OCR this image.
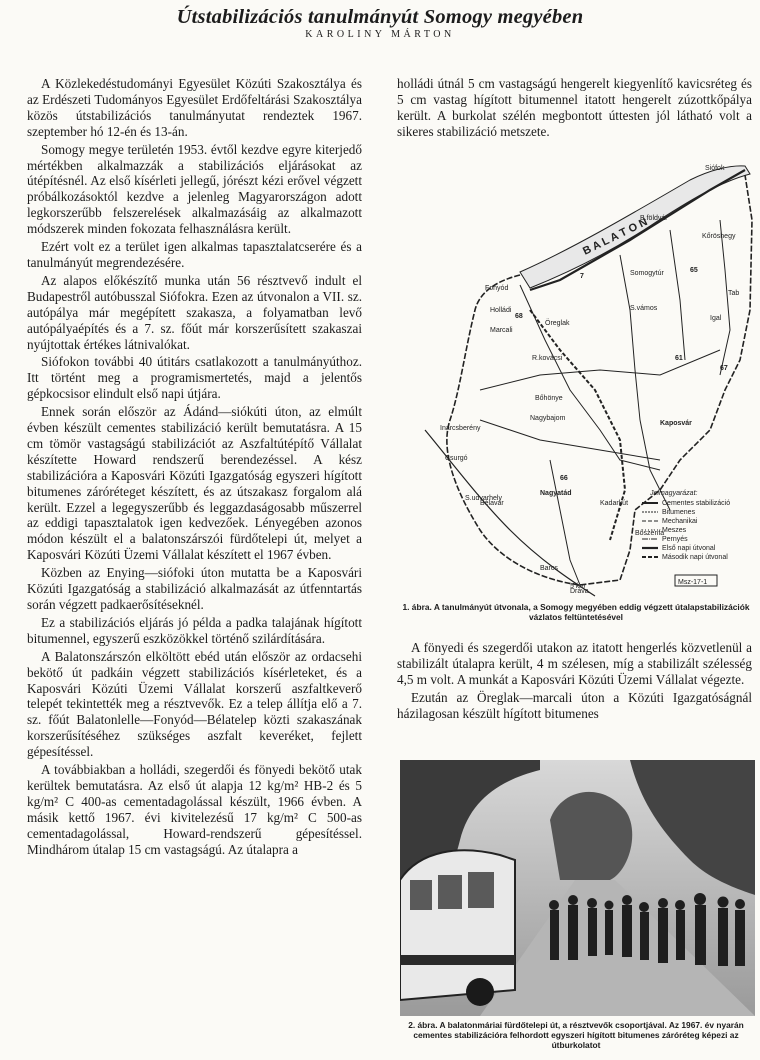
Útstabilizációs tanulmányút Somogy megyében
KAROLINY MÁRTON

A Közlekedéstudományi Egyesület Közúti Szakosztálya és az Erdészeti Tudományos Egyesület Erdőfeltárási Szakosztálya közös útstabilizációs tanulmányutat rendeztek 1967. szeptember hó 12-én és 13-án.

Somogy megye területén 1953. évtől kezdve egyre kiterjedő mértékben alkalmazzák a stabilizációs eljárásokat az útépítésnél. Az első kísérleti jellegű, jórészt kézi erővel végzett próbálkozásoktól kezdve a jelenleg Magyarországon adott legkorszerűbb felszerelések alkalmazásáig az alkalmazott módszerek minden fokozata felhasználásra került.

Ezért volt ez a terület igen alkalmas tapasztalatcserére és a tanulmányút megrendezésére.

Az alapos előkészítő munka után 56 résztvevő indult el Budapestről autóbusszal Siófokra. Ezen az útvonalon a VII. sz. autópálya már megépített szakasza, a folyamatban levő autópályaépítés és a 7. sz. főút már korszerűsített szakaszai nyújtottak értékes látnivalókat.

Siófokon további 40 útitárs csatlakozott a tanulmányúthoz. Itt történt meg a programismertetés, majd a jelentős gépkocsisor elindult első napi útjára.

Ennek során először az Ádánd—siókúti úton, az elmúlt évben készült cementes stabilizáció került bemutatásra. A 15 cm tömör vastagságú stabilizációt az Aszfaltútépítő Vállalat készítette Howard rendszerű berendezéssel. A kész stabilizációra a Kaposvári Közúti Igazgatóság egyszeri hígított bitumenes záróréteget készített, és az útszakasz forgalom alá került. Ezzel a legegyszerűbb és leggazdaságosabb műszerrel az eddigi tapasztalatok igen kedvezőek. Lényegében azonos módon készült el a balatonszárszói fürdőtelepi út, melyet a Kaposvári Közúti Üzemi Vállalat készített el 1967 évben.

Közben az Enying—siófoki úton mutatta be a Kaposvári Közúti Igazgatóság a stabilizáció alkalmazását az útfenntartás során végzett padkaerősítéseknél.

Ez a stabilizációs eljárás jó példa a padka talajának hígított bitumennel, egyszerű eszközökkel történő szilárdítására.

A Balatonszárszón elköltött ebéd után először az ordacsehi bekötő út padkáin végzett stabilizációs kísérleteket, és a Kaposvári Közúti Üzemi Vállalat korszerű aszfaltkeverő telepét tekintették meg a résztvevők. Ez a telep állítja elő a 7. sz. főút Balatonlelle—Fonyód—Bélatelep közti szakaszának korszerűsítéséhez szükséges aszfalt keveréket, fejlett gépesítéssel.

A továbbiakban a holládi, szegerdői és fönyedi bekötő utak kerültek bemutatásra. Az első út alapja 12 kg/m² HB-2 és 5 kg/m² C 400-as cementadagolással készült, 1966 évben. A másik kettő 1967. évi kivitelezésű 17 kg/m² C 500-as cementadagolással, Howard-rendszerű gépesítéssel. Mindhárom útalap 15 cm vastagságú. Az útalapra a

holládi útnál 5 cm vastagságú hengerelt kiegyenlítő kavicsréteg és 5 cm vastag hígított bitumennel itatott hengerelt zúzottkőpálya került. A burkolat szélén megbontott úttesten jól látható volt a sikeres stabilizáció metszete.

B A L A T O N
Siófok
B.földvár
Kőröshegy
Tab
Fonyód
Somogytúr
Holládi
Marcali
Öreglak
S.vámos
Igal
R.kovácsi
Bőhönye
Nagybajom
Kaposvár
Inarcsberény
Csurgó
Nagyatád
Kadarkút
Bőszénfa
Bélavár
Barcs
S.udvarhely
Dráva
7
65
61
67
66
68
Jelmagyarázat:
Cementes stabilizáció
Bitumenes
Mechanikai
Meszes
Pernyés
Első napi útvonal
Második napi útvonal
5 km
Msz-17-1
1. ábra. A tanulmányút útvonala, a Somogy megyében eddig végzett útalapstabilizációk vázlatos feltüntetésével

A fönyedi és szegerdői utakon az itatott hengerlés közvetlenül a stabilizált útalapra került, 4 m szélesen, míg a stabilizált szélesség 4,5 m volt. A munkát a Kaposvári Közúti Üzemi Vállalat végezte.

Ezután az Öreglak—marcali úton a Közúti Igazgatóságnál házilagosan készült hígított bitumenes

2. ábra. A balatonmáriai fürdőtelepi út, a résztvevők csoportjával. Az 1967. év nyarán cementes stabilizációra felhordott egyszeri hígított bitumenes záróréteg képezi az útburkolatot
